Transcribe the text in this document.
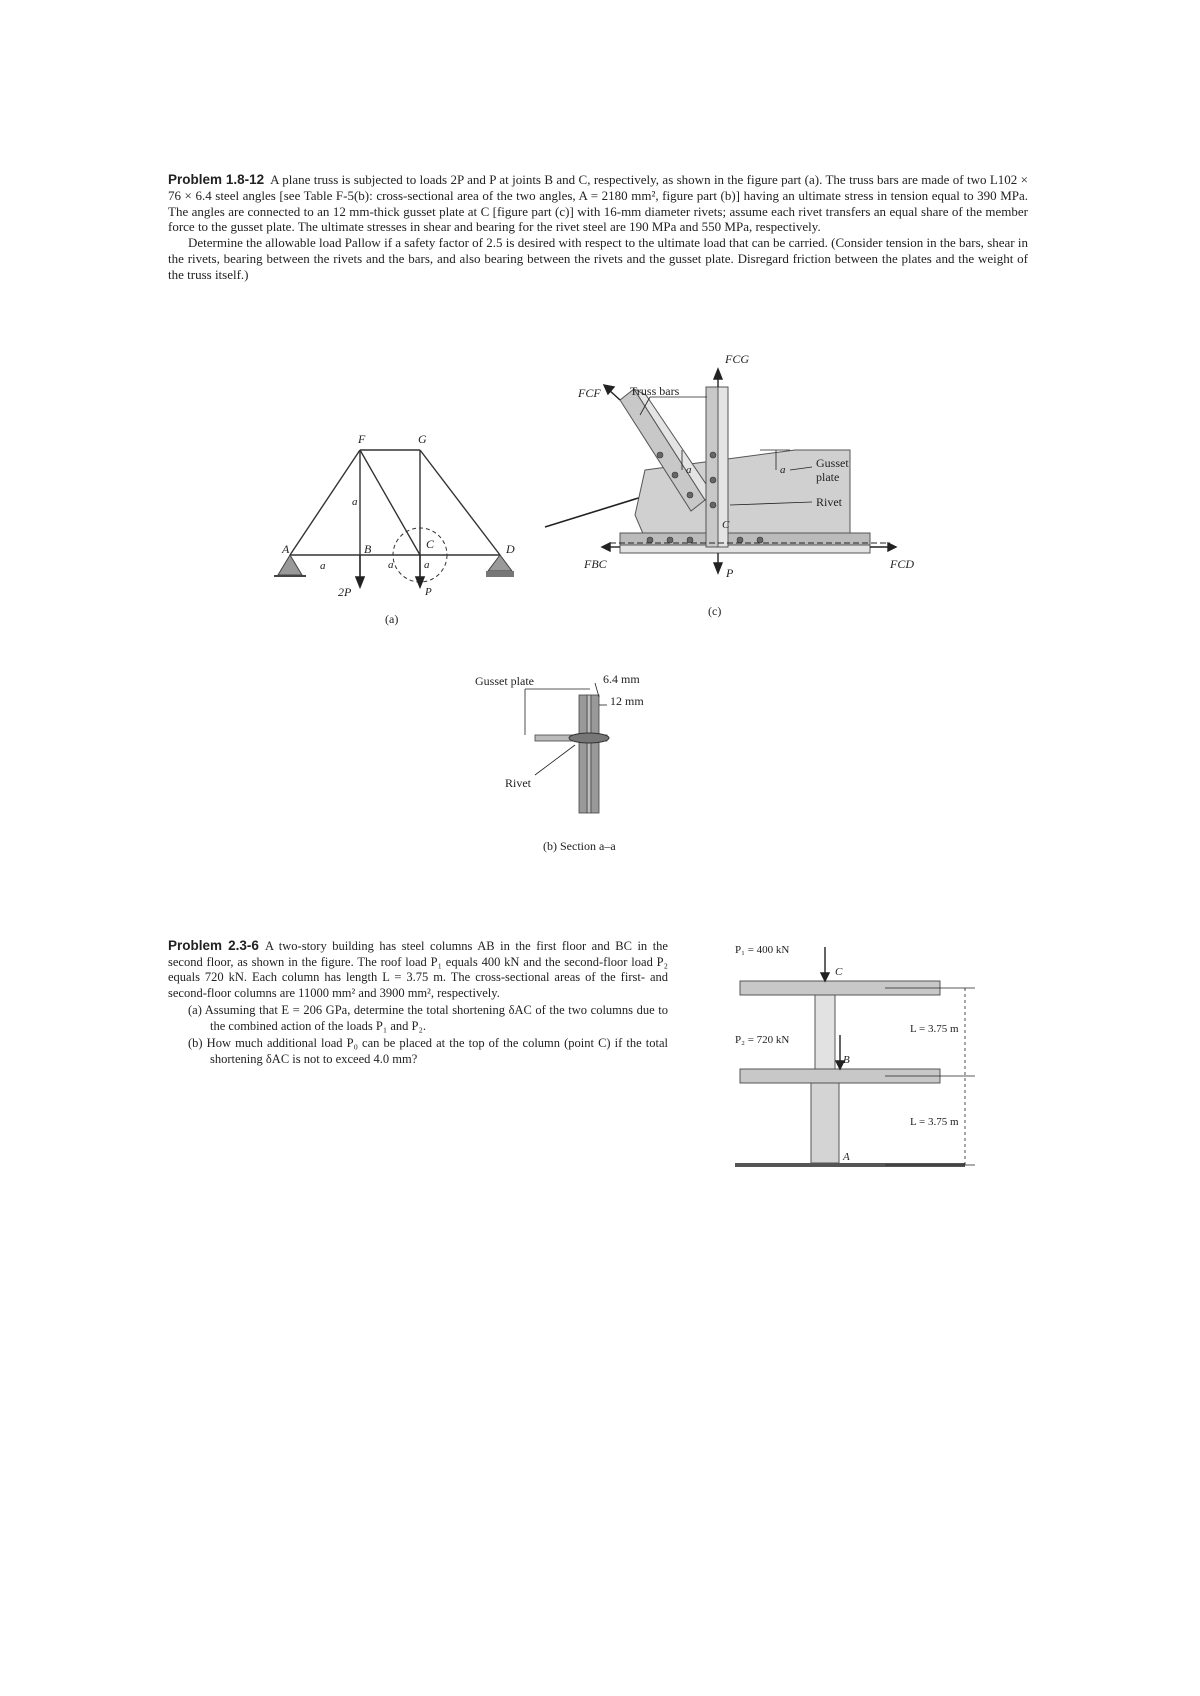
Problem 1.8-12 A plane truss is subjected to loads 2P and P at joints B and C, respectively, as shown in the figure part (a). The truss bars are made of two L102 × 76 × 6.4 steel angles [see Table F-5(b): cross-sectional area of the two angles, A = 2180 mm², figure part (b)] having an ultimate stress in tension equal to 390 MPa. The angles are connected to an 12 mm-thick gusset plate at C [figure part (c)] with 16-mm diameter rivets; assume each rivet transfers an equal share of the member force to the gusset plate. The ultimate stresses in shear and bearing for the rivet steel are 190 MPa and 550 MPa, respectively.

Determine the allowable load Pallow if a safety factor of 2.5 is desired with respect to the ultimate load that can be carried. (Consider tension in the bars, shear in the rivets, bearing between the rivets and the bars, and also bearing between the rivets and the gusset plate. Disregard friction between the plates and the weight of the truss itself.)

A
F	G
B	C	D
a
a	a	a
2P	P
(a)
FCG
FCF
FBC	FCD
P
Truss bars
Gusset
plate
Rivet
a	a
C
(c)
Gusset plate	6.4 mm
12 mm
Rivet
(b) Section a–a

Problem 2.3-6 A two-story building has steel columns AB in the first floor and BC in the second floor, as shown in the figure. The roof load P₁ equals 400 kN and the second-floor load P₂ equals 720 kN. Each column has length L = 3.75 m. The cross-sectional areas of the first- and second-floor columns are 11000 mm² and 3900 mm², respectively.

(a) Assuming that E = 206 GPa, determine the total shortening δAC of the two columns due to the combined action of the loads P₁ and P₂.

(b) How much additional load P₀ can be placed at the top of the column (point C) if the total shortening δAC is not to exceed 4.0 mm?

P₁ = 400 kN
P₂ = 720 kN
L = 3.75 m
L = 3.75 m
A
B
C
